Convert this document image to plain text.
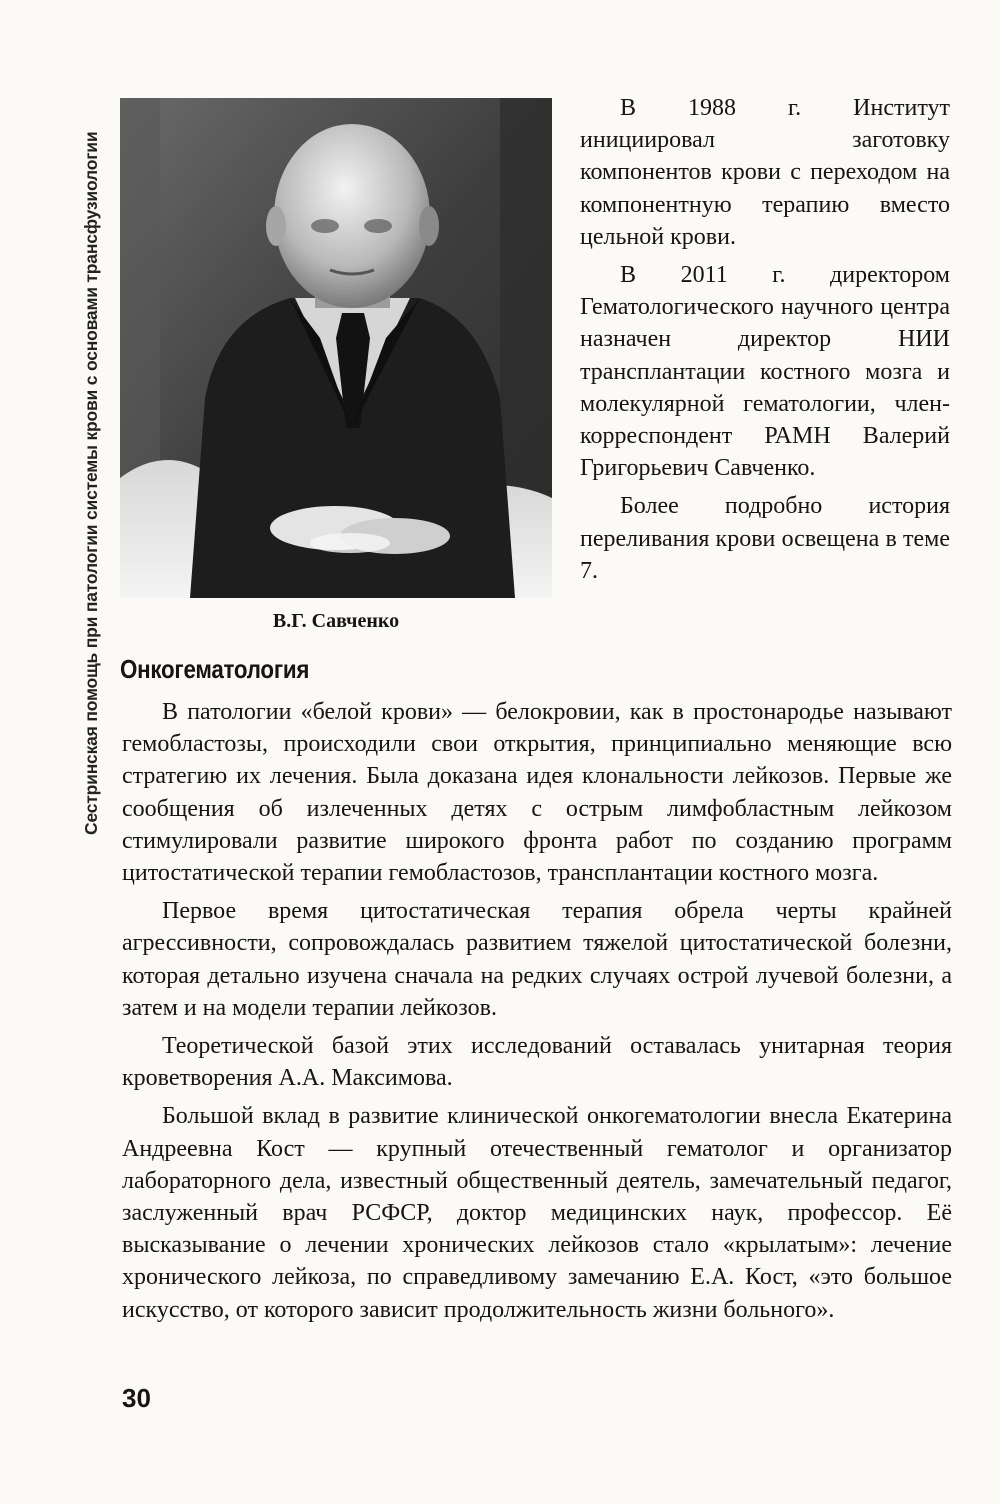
Сестринская помощь при патологии системы крови с основами трансфузиологии	В.Г. Савченко

В 1988 г. Институт инициировал заготовку компонентов крови с переходом на компонентную терапию вместо цельной крови.

В 2011 г. директором Гематологического научного центра назначен директор НИИ трансплантации костного мозга и молекулярной гематологии, член-корреспондент РАМН Валерий Григорьевич Савченко.

Более подробно история переливания крови освещена в теме 7.

Онкогематология

В патологии «белой крови» — белокровии, как в простонародье называют гемобластозы, происходили свои открытия, принципиально меняющие всю стратегию их лечения. Была доказана идея клональности лейкозов. Первые же сообщения об излеченных детях с острым лимфобластным лейкозом стимулировали развитие широкого фронта работ по созданию программ цитостатической терапии гемобластозов, трансплантации костного мозга.

Первое время цитостатическая терапия обрела черты крайней агрессивности, сопровождалась развитием тяжелой цитостатической болезни, которая детально изучена сначала на редких случаях острой лучевой болезни, а затем и на модели терапии лейкозов.

Теоретической базой этих исследований оставалась унитарная теория кроветворения А.А. Максимова.

Большой вклад в развитие клинической онкогематологии внесла Екатерина Андреевна Кост — крупный отечественный гематолог и организатор лабораторного дела, известный общественный деятель, замечательный педагог, заслуженный врач РСФСР, доктор медицинских наук, профессор. Её высказывание о лечении хронических лейкозов стало «крылатым»: лечение хронического лейкоза, по справедливому замечанию Е.А. Кост, «это большое искусство, от которого зависит продолжительность жизни больного».

30
